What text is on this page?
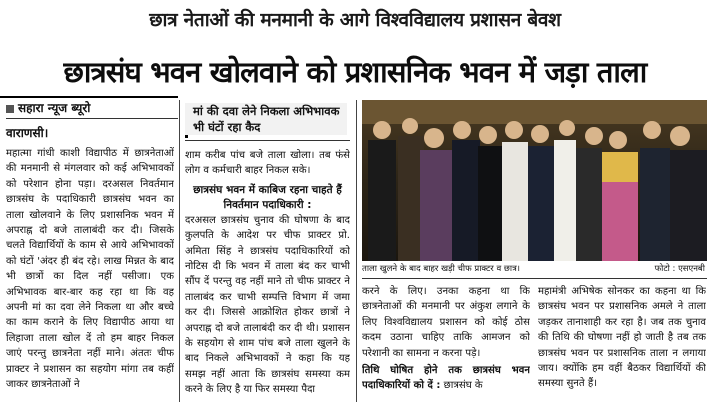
छात्र नेताओं की मनमानी के आगे विश्वविद्यालय प्रशासन बेवश
छात्रसंघ भवन खोलवाने को प्रशासनिक भवन में जड़ा ताला
सहारा न्यूज ब्यूरो
वाराणसी।

महात्मा गांधी काशी विद्यापीठ में छात्रनेताओं की मनमानी से मंगलवार को कई अभिभावकों को परेशान होना पड़ा। दरअसल निवर्तमान छात्रसंघ के पदाधिकारी छात्रसंघ भवन का ताला खोलवाने के लिए प्रशासनिक भवन में अपराह्न दो बजे तालाबंदी कर दी। जिसके चलते विद्यार्थियों के काम से आये अभिभावकों को घंटों 'अंदर ही बंद रहे। लाख मिन्नत के बाद भी छात्रों का दिल नहीं पसीजा। एक अभिभावक बार-बार कह रहा था कि वह अपनी मां का दवा लेने निकला था और बच्चे का काम कराने के लिए विद्यापीठ आया था लिहाजा ताला खोल दें तो हम बाहर निकल जाएं परन्तु छात्रनेता नहीं माने। अंततः चीफ प्राक्टर ने प्रशासन का सहयोग मांगा तब कहीं जाकर छात्रनेताओं ने

मां की दवा लेने निकला अभिभावक भी घंटों रहा कैद

शाम करीब पांच बजे ताला खोला। तब फंसे लोग व कर्मचारी बाहर निकल सके।

छात्रसंघ भवन में काबिज रहना चाहते हैं निवर्तमान पदाधिकारी :

दरअसल छात्रसंघ चुनाव की घोषणा के बाद कुलपति के आदेश पर चीफ प्राक्टर प्रो. अमिता सिंह ने छात्रसंघ पदाधिकारियों को नोटिस दी कि भवन में ताला बंद कर चाभी सौंप दें परन्तु वह नहीं माने तो चीफ प्राक्टर ने तालाबंद कर चाभी सम्पत्ति विभाग में जमा कर दी। जिससे आक्रोशित होकर छात्रों ने अपराह्न दो बजे तालाबंदी कर दी थी। प्रशासन के सहयोग से शाम पांच बजे ताला खुलने के बाद निकले अभिभावकों ने कहा कि यह समझ नहीं आता कि छात्रसंघ समस्या कम करने के लिए है या फिर समस्या पैदा

ताला खुलने के बाद बाहर खड़ी चीफ प्राक्टर व छात्र।	फोटो : एसएनबी

करने के लिए। उनका कहना था कि छात्रनेताओं की मनमानी पर अंकुश लगाने के लिए विश्वविद्यालय प्रशासन को कोई ठोस कदम उठाना चाहिए ताकि आमजन को परेशानी का सामना न करना पड़े।

तिथि घोषित होने तक छात्रसंघ भवन पदाधिकारियों को दें : छात्रसंघ के

महामंत्री अभिषेक सोनकर का कहना था कि छात्रसंघ भवन पर प्रशासनिक अमले ने ताला जड़कर तानाशाही कर रहा है। जब तक चुनाव की तिथि की घोषणा नहीं हो जाती है तब तक छात्रसंघ भवन पर प्रशासनिक ताला न लगाया जाय। क्योंकि हम वहीं बैठकर विद्यार्थियों की समस्या सुनते हैं।
